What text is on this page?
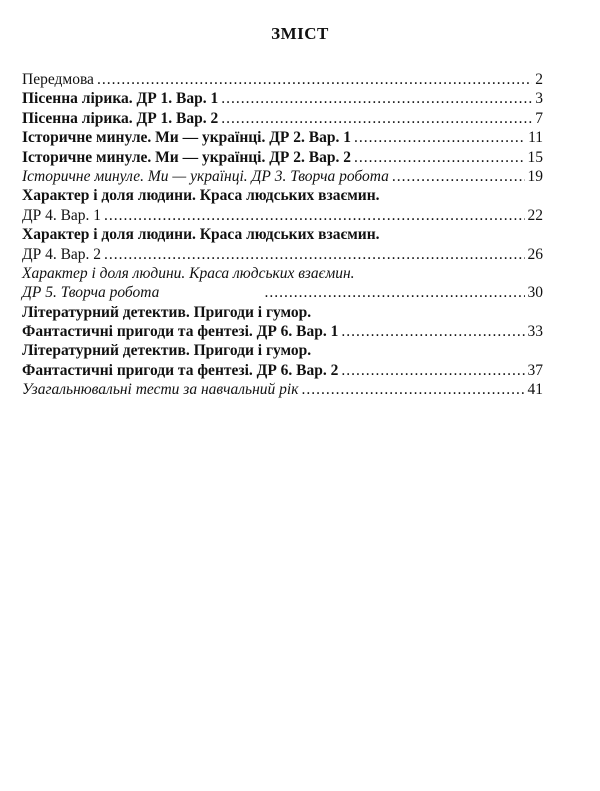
ЗМІСТ
Передмова .....	2
Пісенна лірика. ДР 1. Вар. 1 .....	3
Пісенна лірика. ДР 1. Вар. 2 .....	7
Історичне минуле. Ми — українці. ДР 2. Вар. 1 .....	11
Історичне минуле. Ми — українці. ДР 2. Вар. 2 .....	15
Історичне минуле. Ми — українці. ДР 3. Творча робота .....	19
Характер і доля людини. Краса людських взаємин.
ДР 4. Вар. 1 .....	22
Характер і доля людини. Краса людських взаємин.
ДР 4. Вар. 2 .....	26
Характер і доля людини. Краса людських взаємин.
ДР 5. Творча робота .....	30
Літературний детектив. Пригоди і гумор.
Фантастичні пригоди та фентезі. ДР 6. Вар. 1 .....	33
Літературний детектив. Пригоди і гумор.
Фантастичні пригоди та фентезі. ДР 6. Вар. 2 .....	37
Узагальнювальні тести за навчальний рік .....	41
